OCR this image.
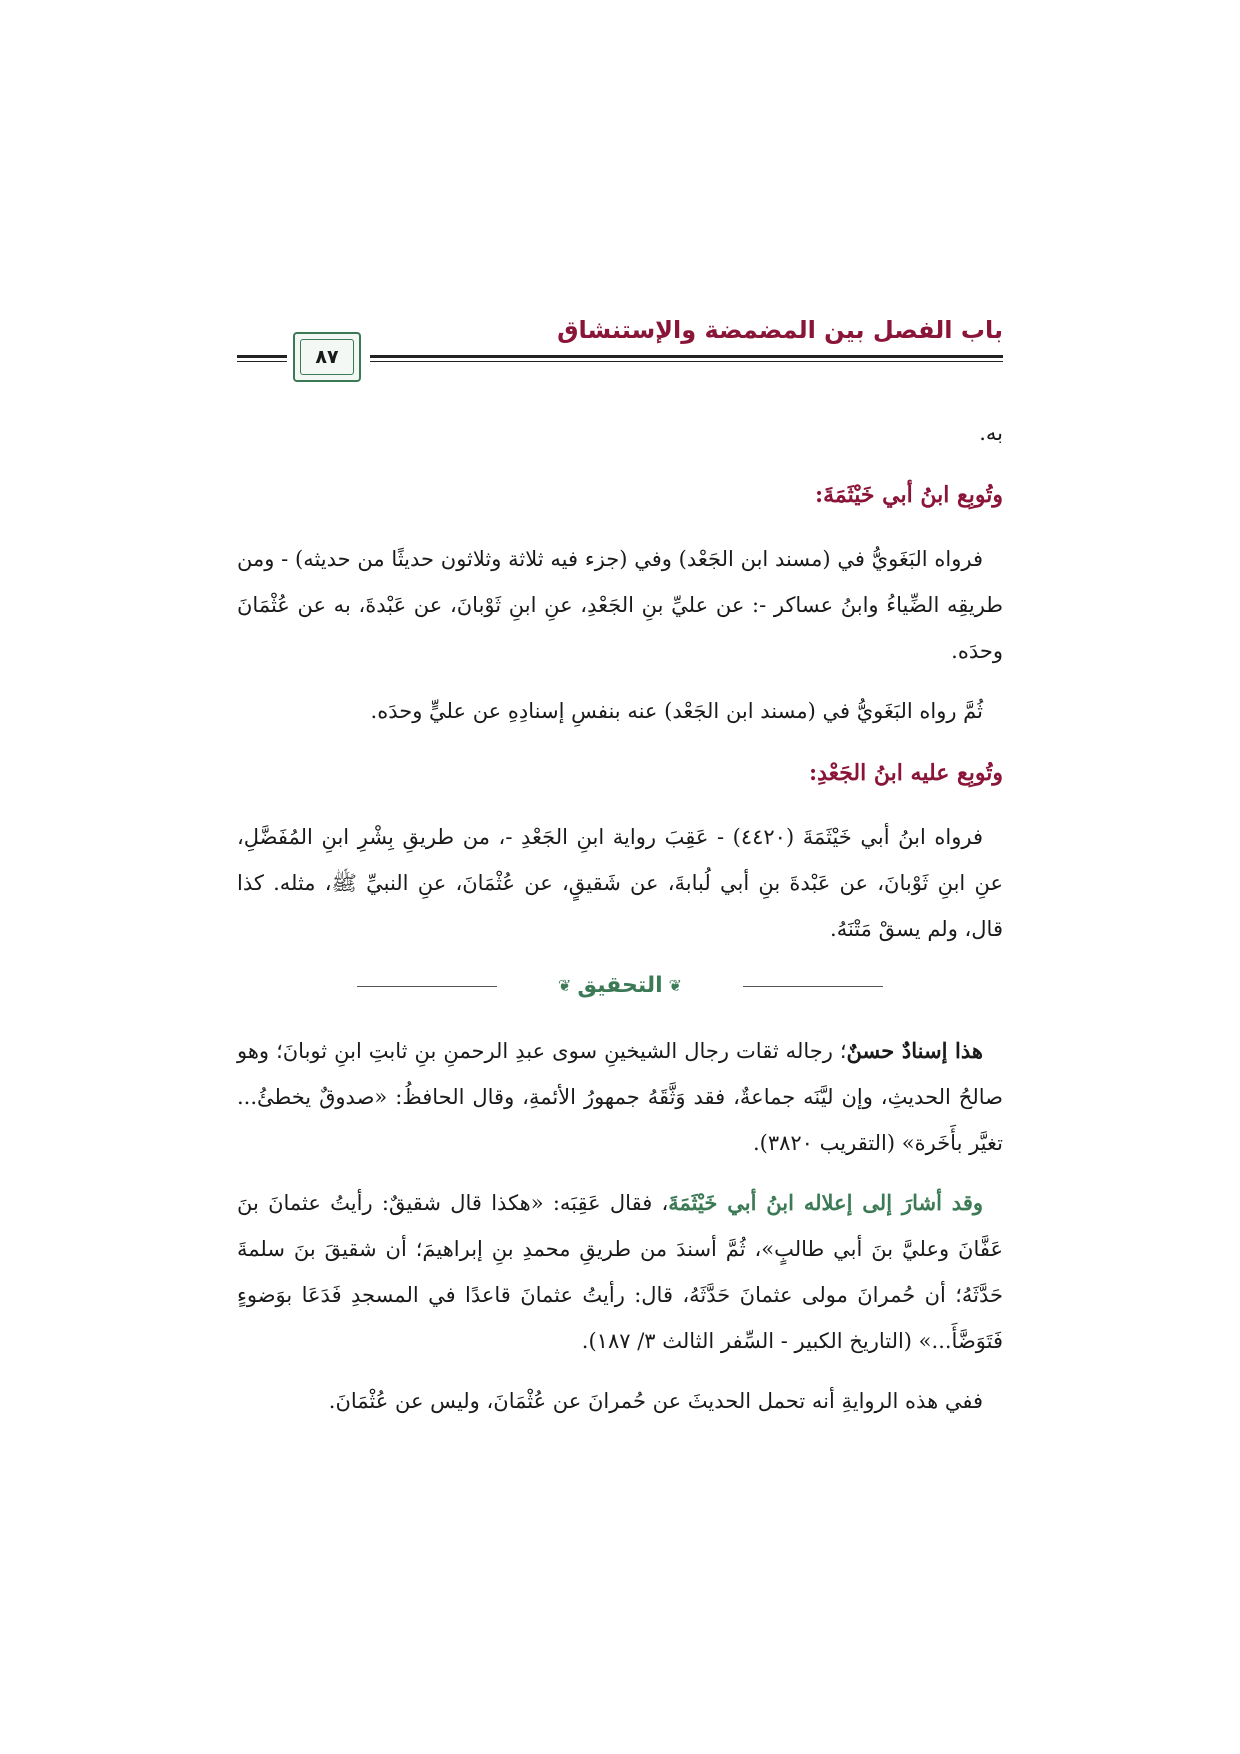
باب الفصل بين المضمضة والإستنشاق
٨٧
به.
وتُوبِع ابنُ أبي خَيْثَمَةَ:

فرواه البَغَويُّ في (مسند ابن الجَعْد) وفي (جزء فيه ثلاثة وثلاثون حديثًا من حديثه) - ومن طريقِه الضِّياءُ وابنُ عساكر -: عن عليِّ بنِ الجَعْدِ، عنِ ابنِ ثَوْبانَ، عن عَبْدةَ، به عن عُثْمَانَ وحدَه.

ثُمَّ رواه البَغَويُّ في (مسند ابن الجَعْد) عنه بنفسِ إسنادِهِ عن عليٍّ وحدَه.

وتُوبِع عليه ابنُ الجَعْدِ:

فرواه ابنُ أبي خَيْثَمَةَ (٤٤٢٠) - عَقِبَ رواية ابنِ الجَعْدِ -، من طريقِ بِشْرِ ابنِ المُفَضَّلِ، عنِ ابنِ ثَوْبانَ، عن عَبْدةَ بنِ أبي لُبابةَ، عن شَقيقٍ، عن عُثْمَانَ، عنِ النبيِّ ﷺ، مثله. كذا قال، ولم يسقْ مَتْنَهُ.

❦
التحقيق
❦

هذا إسنادٌ حسنٌ؛ رجاله ثقات رجال الشيخينِ سوى عبدِ الرحمنِ بنِ ثابتِ ابنِ ثوبانَ؛ وهو صالحُ الحديثِ، وإن ليَّنَه جماعةٌ، فقد وَثَّقَهُ جمهورُ الأئمةِ، وقال الحافظُ: «صدوقٌ يخطئُ... تغيَّر بأَخَرة» (التقريب ٣٨٢٠).

وقد أشارَ إلى إعلاله ابنُ أبي خَيْثَمَةَ، فقال عَقِبَه: «هكذا قال شقيقٌ: رأيتُ عثمانَ بنَ عَفَّانَ وعليَّ بنَ أبي طالبٍ»، ثُمَّ أسندَ من طريقِ محمدِ بنِ إبراهيمَ؛ أن شقيقَ بنَ سلمةَ حَدَّثَهُ؛ أن حُمرانَ مولى عثمانَ حَدَّثَهُ، قال: رأيتُ عثمانَ قاعدًا في المسجدِ فَدَعَا بوَضوءٍ فَتَوَضَّأَ...» (التاريخ الكبير - السِّفر الثالث ٣/ ١٨٧).

ففي هذه الروايةِ أنه تحمل الحديثَ عن حُمرانَ عن عُثْمَانَ، وليس عن عُثْمَانَ.
